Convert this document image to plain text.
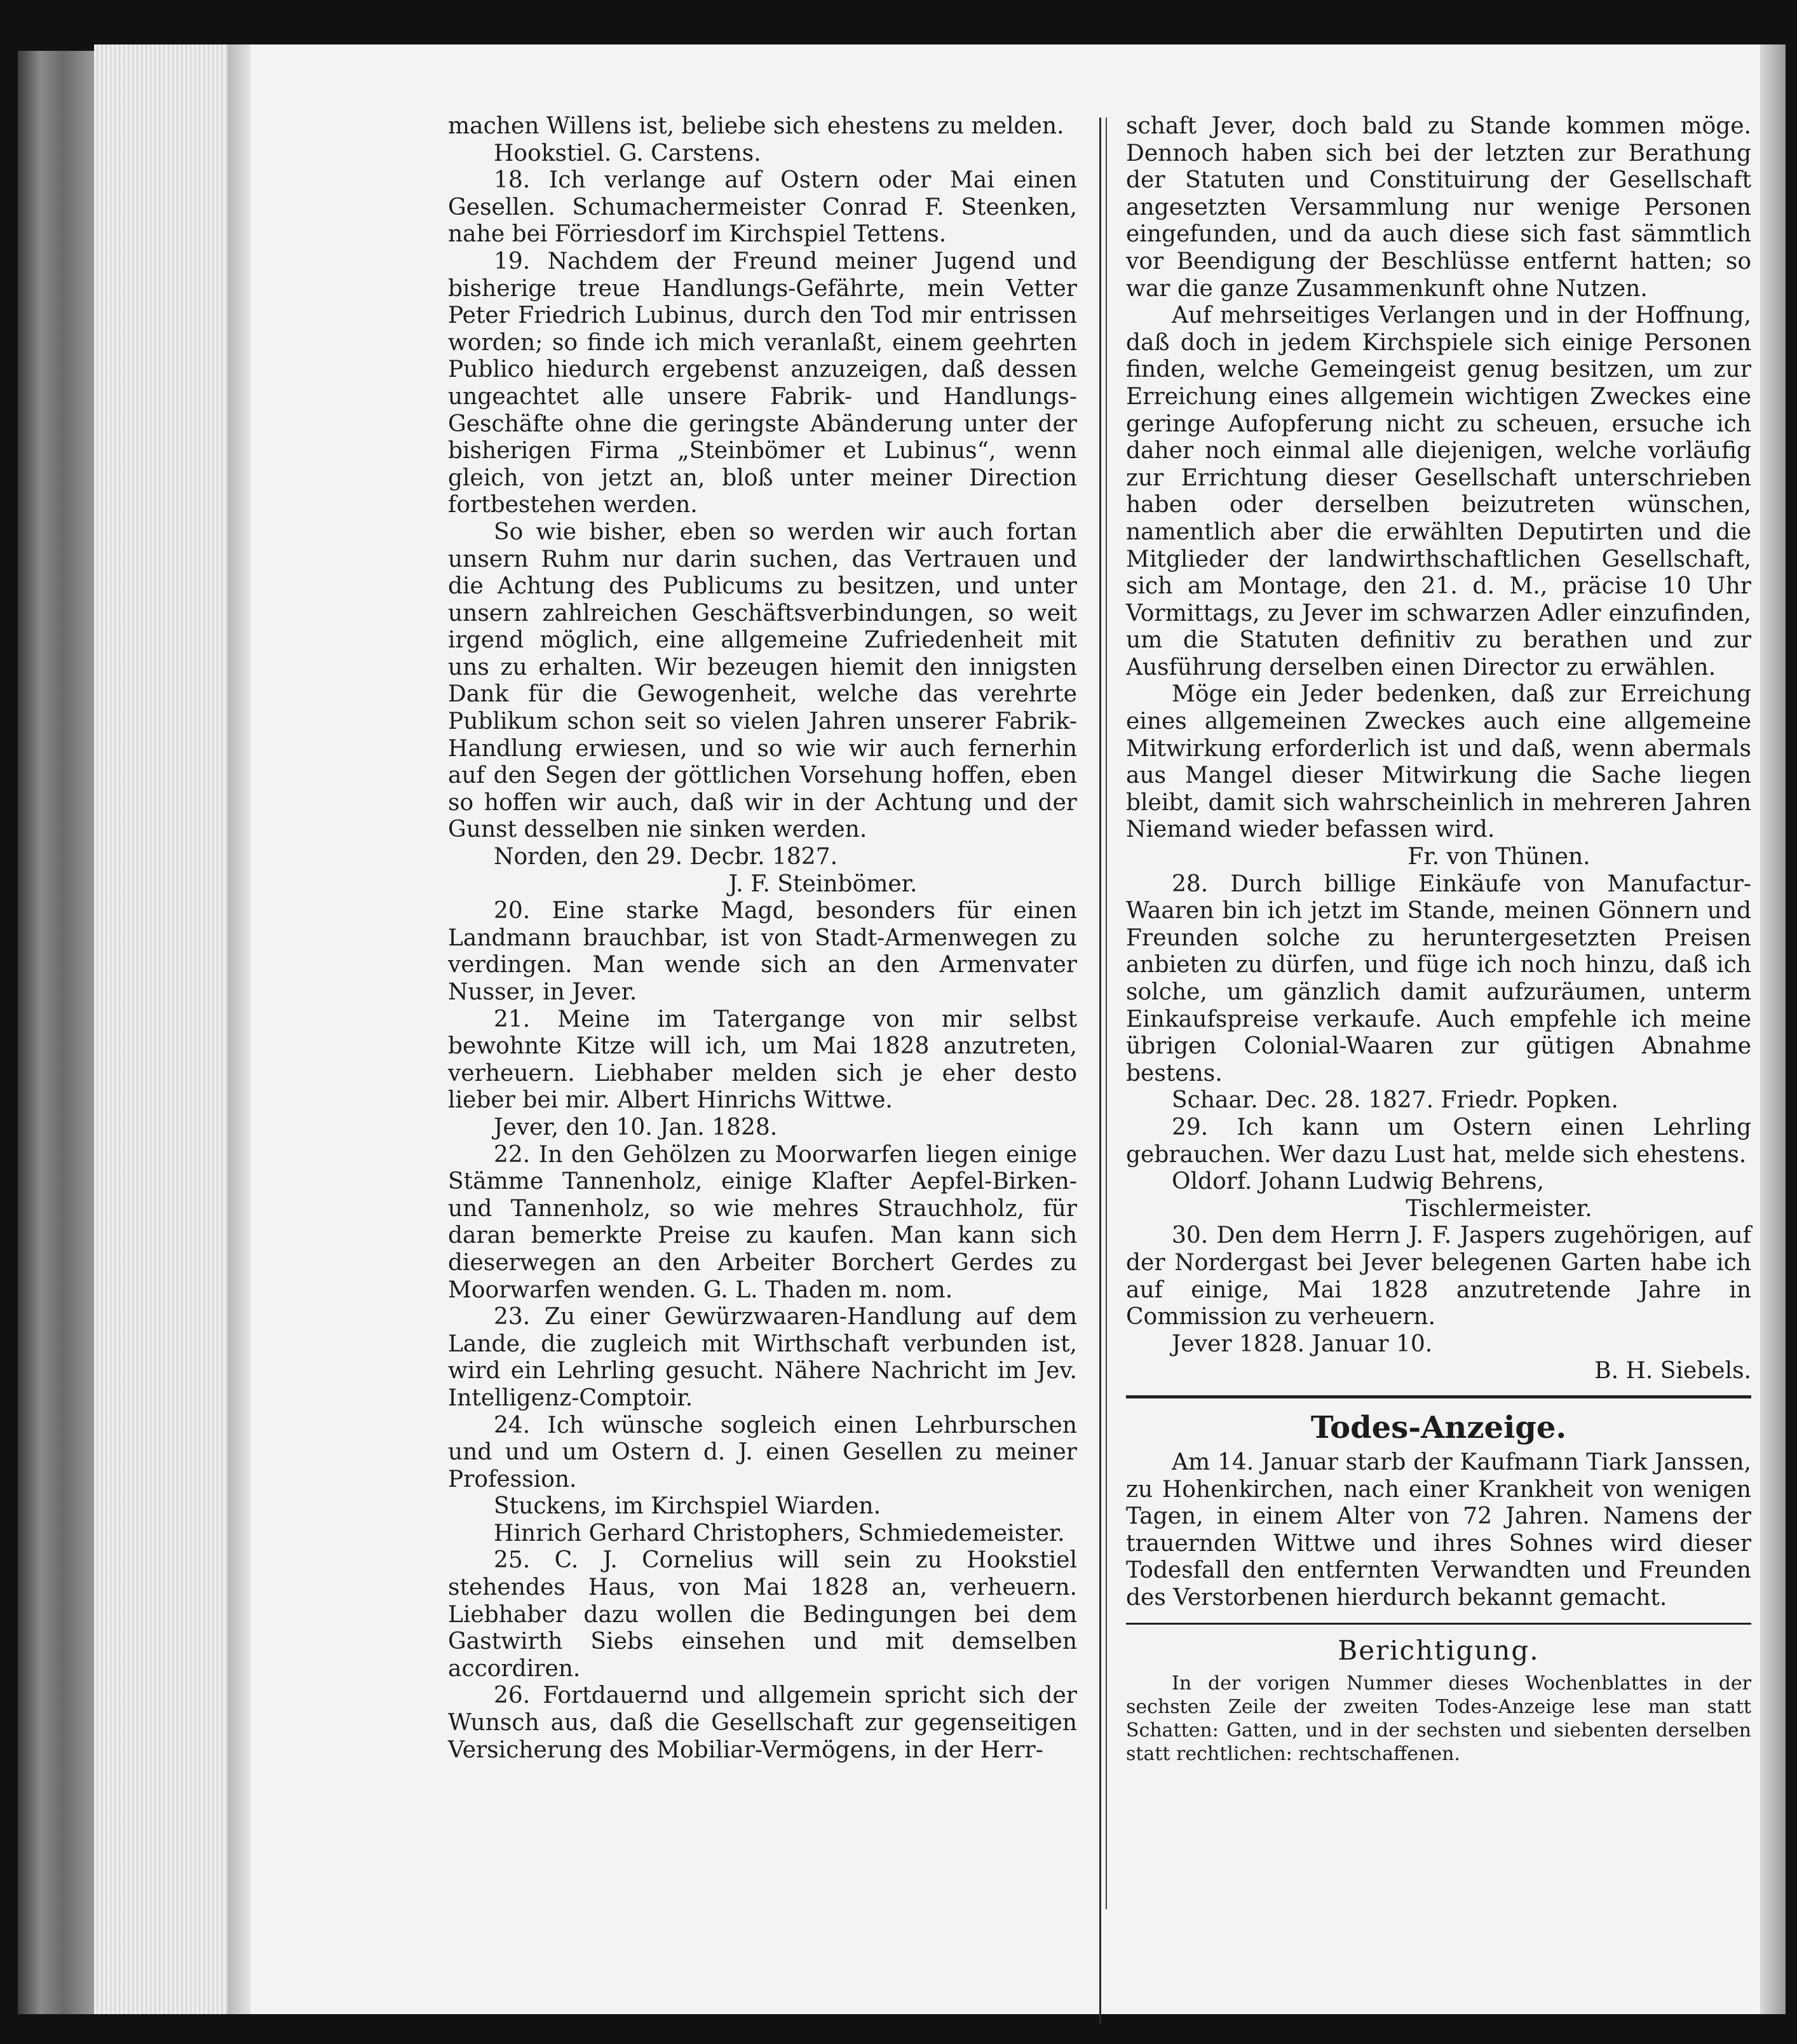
machen Willens ist, beliebe sich ehestens zu melden.

Hookstiel. G. Carstens.

18. Ich verlange auf Ostern oder Mai einen Gesellen. Schumachermeister Conrad F. Steenken, nahe bei Förriesdorf im Kirchspiel Tettens.

19. Nachdem der Freund meiner Jugend und bisherige treue Handlungs-Gefährte, mein Vetter Peter Friedrich Lubinus, durch den Tod mir entrissen worden; so finde ich mich veranlaßt, einem geehrten Publico hiedurch ergebenst anzuzeigen, daß dessen ungeachtet alle unsere Fabrik- und Handlungs-Geschäfte ohne die geringste Abänderung unter der bisherigen Firma „Steinbömer et Lubinus“, wenn gleich, von jetzt an, bloß unter meiner Direction fortbestehen werden.

So wie bisher, eben so werden wir auch fortan unsern Ruhm nur darin suchen, das Vertrauen und die Achtung des Publicums zu besitzen, und unter unsern zahlreichen Geschäftsverbindungen, so weit irgend möglich, eine allgemeine Zufriedenheit mit uns zu erhalten. Wir bezeugen hiemit den innigsten Dank für die Gewogenheit, welche das verehrte Publikum schon seit so vielen Jahren unserer Fabrik-Handlung erwiesen, und so wie wir auch fernerhin auf den Segen der göttlichen Vorsehung hoffen, eben so hoffen wir auch, daß wir in der Achtung und der Gunst desselben nie sinken werden.

Norden, den 29. Decbr. 1827.

J. F. Steinbömer.

20. Eine starke Magd, besonders für einen Landmann brauchbar, ist von Stadt-Armenwegen zu verdingen. Man wende sich an den Armenvater Nusser, in Jever.

21. Meine im Tatergange von mir selbst bewohnte Kitze will ich, um Mai 1828 anzutreten, verheuern. Liebhaber melden sich je eher desto lieber bei mir. Albert Hinrichs Wittwe.

Jever, den 10. Jan. 1828.

22. In den Gehölzen zu Moorwarfen liegen einige Stämme Tannenholz, einige Klafter Aepfel-Birken- und Tannenholz, so wie mehres Strauchholz, für daran bemerkte Preise zu kaufen. Man kann sich dieserwegen an den Arbeiter Borchert Gerdes zu Moorwarfen wenden. G. L. Thaden m. nom.

23. Zu einer Gewürzwaaren-Handlung auf dem Lande, die zugleich mit Wirthschaft verbunden ist, wird ein Lehrling gesucht. Nähere Nachricht im Jev. Intelligenz-Comptoir.

24. Ich wünsche sogleich einen Lehrburschen und und um Ostern d. J. einen Gesellen zu meiner Profession.

Stuckens, im Kirchspiel Wiarden.

Hinrich Gerhard Christophers, Schmiedemeister.

25. C. J. Cornelius will sein zu Hookstiel stehendes Haus, von Mai 1828 an, verheuern. Liebhaber dazu wollen die Bedingungen bei dem Gastwirth Siebs einsehen und mit demselben accordiren.

26. Fortdauernd und allgemein spricht sich der Wunsch aus, daß die Gesellschaft zur gegenseitigen Versicherung des Mobiliar-Vermögens, in der Herr-

schaft Jever, doch bald zu Stande kommen möge. Dennoch haben sich bei der letzten zur Berathung der Statuten und Constituirung der Gesellschaft angesetzten Versammlung nur wenige Personen eingefunden, und da auch diese sich fast sämmtlich vor Beendigung der Beschlüsse entfernt hatten; so war die ganze Zusammenkunft ohne Nutzen.

Auf mehrseitiges Verlangen und in der Hoffnung, daß doch in jedem Kirchspiele sich einige Personen finden, welche Gemeingeist genug besitzen, um zur Erreichung eines allgemein wichtigen Zweckes eine geringe Aufopferung nicht zu scheuen, ersuche ich daher noch einmal alle diejenigen, welche vorläufig zur Errichtung dieser Gesellschaft unterschrieben haben oder derselben beizutreten wünschen, namentlich aber die erwählten Deputirten und die Mitglieder der landwirthschaftlichen Gesellschaft, sich am Montage, den 21. d. M., präcise 10 Uhr Vormittags, zu Jever im schwarzen Adler einzufinden, um die Statuten definitiv zu berathen und zur Ausführung derselben einen Director zu erwählen.

Möge ein Jeder bedenken, daß zur Erreichung eines allgemeinen Zweckes auch eine allgemeine Mitwirkung erforderlich ist und daß, wenn abermals aus Mangel dieser Mitwirkung die Sache liegen bleibt, damit sich wahrscheinlich in mehreren Jahren Niemand wieder befassen wird.

Fr. von Thünen.

28. Durch billige Einkäufe von Manufactur-Waaren bin ich jetzt im Stande, meinen Gönnern und Freunden solche zu heruntergesetzten Preisen anbieten zu dürfen, und füge ich noch hinzu, daß ich solche, um gänzlich damit aufzuräumen, unterm Einkaufspreise verkaufe. Auch empfehle ich meine übrigen Colonial-Waaren zur gütigen Abnahme bestens.

Schaar. Dec. 28. 1827. Friedr. Popken.

29. Ich kann um Ostern einen Lehrling gebrauchen. Wer dazu Lust hat, melde sich ehestens.

Oldorf. Johann Ludwig Behrens,

Tischlermeister.

30. Den dem Herrn J. F. Jaspers zugehörigen, auf der Nordergast bei Jever belegenen Garten habe ich auf einige, Mai 1828 anzutretende Jahre in Commission zu verheuern.

Jever 1828. Januar 10.

B. H. Siebels.

Todes-Anzeige.

Am 14. Januar starb der Kaufmann Tiark Janssen, zu Hohenkirchen, nach einer Krankheit von wenigen Tagen, in einem Alter von 72 Jahren. Namens der trauernden Wittwe und ihres Sohnes wird dieser Todesfall den entfernten Verwandten und Freunden des Verstorbenen hierdurch bekannt gemacht.

Berichtigung.

In der vorigen Nummer dieses Wochenblattes in der sechsten Zeile der zweiten Todes-Anzeige lese man statt Schatten: Gatten, und in der sechsten und siebenten derselben statt rechtlichen: rechtschaffenen.
